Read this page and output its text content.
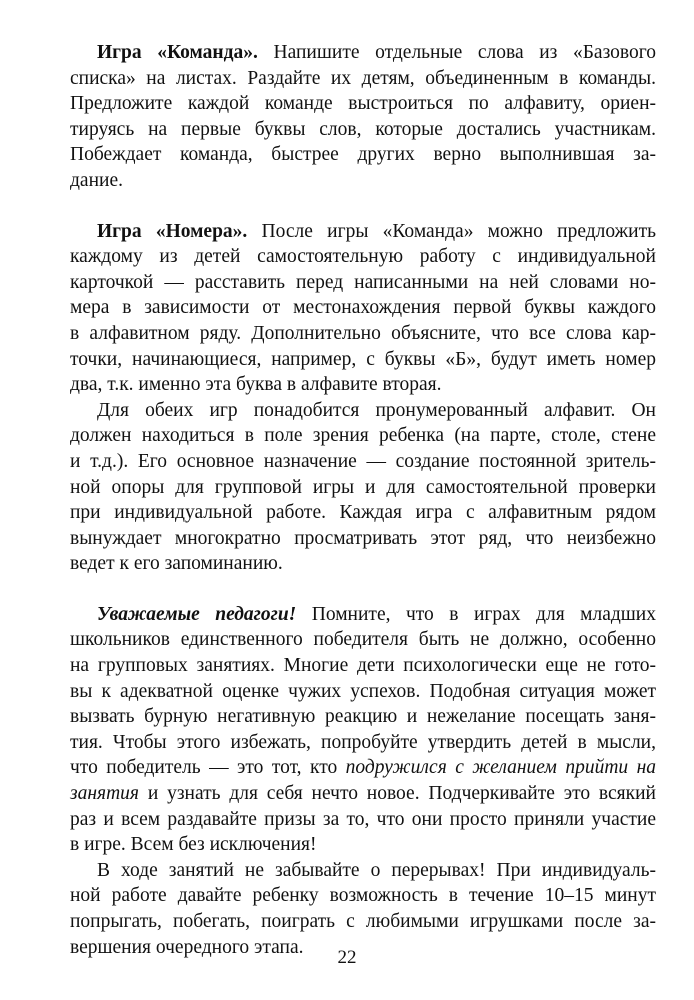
Игра «Команда». Напишите отдельные слова из «Базового
списка» на листах. Раздайте их детям, объединенным в команды.
Предложите каждой команде выстроиться по алфавиту, ориен-
тируясь на первые буквы слов, которые достались участникам.
Побеждает команда, быстрее других верно выполнившая за-
дание.
Игра «Номера». После игры «Команда» можно предложить
каждому из детей самостоятельную работу с индивидуальной
карточкой — расставить перед написанными на ней словами но-
мера в зависимости от местонахождения первой буквы каждого
в алфавитном ряду. Дополнительно объясните, что все слова кар-
точки, начинающиеся, например, с буквы «Б», будут иметь номер
два, т.к. именно эта буква в алфавите вторая.
Для обеих игр понадобится пронумерованный алфавит. Он
должен находиться в поле зрения ребенка (на парте, столе, стене
и т.д.). Его основное назначение — создание постоянной зритель-
ной опоры для групповой игры и для самостоятельной проверки
при индивидуальной работе. Каждая игра с алфавитным рядом
вынуждает многократно просматривать этот ряд, что неизбежно
ведет к его запоминанию.
Уважаемые педагоги! Помните, что в играх для младших
школьников единственного победителя быть не должно, особенно
на групповых занятиях. Многие дети психологически еще не гото-
вы к адекватной оценке чужих успехов. Подобная ситуация может
вызвать бурную негативную реакцию и нежелание посещать заня-
тия. Чтобы этого избежать, попробуйте утвердить детей в мысли,
что победитель — это тот, кто подружился с желанием прийти на
занятия и узнать для себя нечто новое. Подчеркивайте это всякий
раз и всем раздавайте призы за то, что они просто приняли участие
в игре. Всем без исключения!
В ходе занятий не забывайте о перерывах! При индивидуаль-
ной работе давайте ребенку возможность в течение 10–15 минут
попрыгать, побегать, поиграть с любимыми игрушками после за-
вершения очередного этапа.	22
